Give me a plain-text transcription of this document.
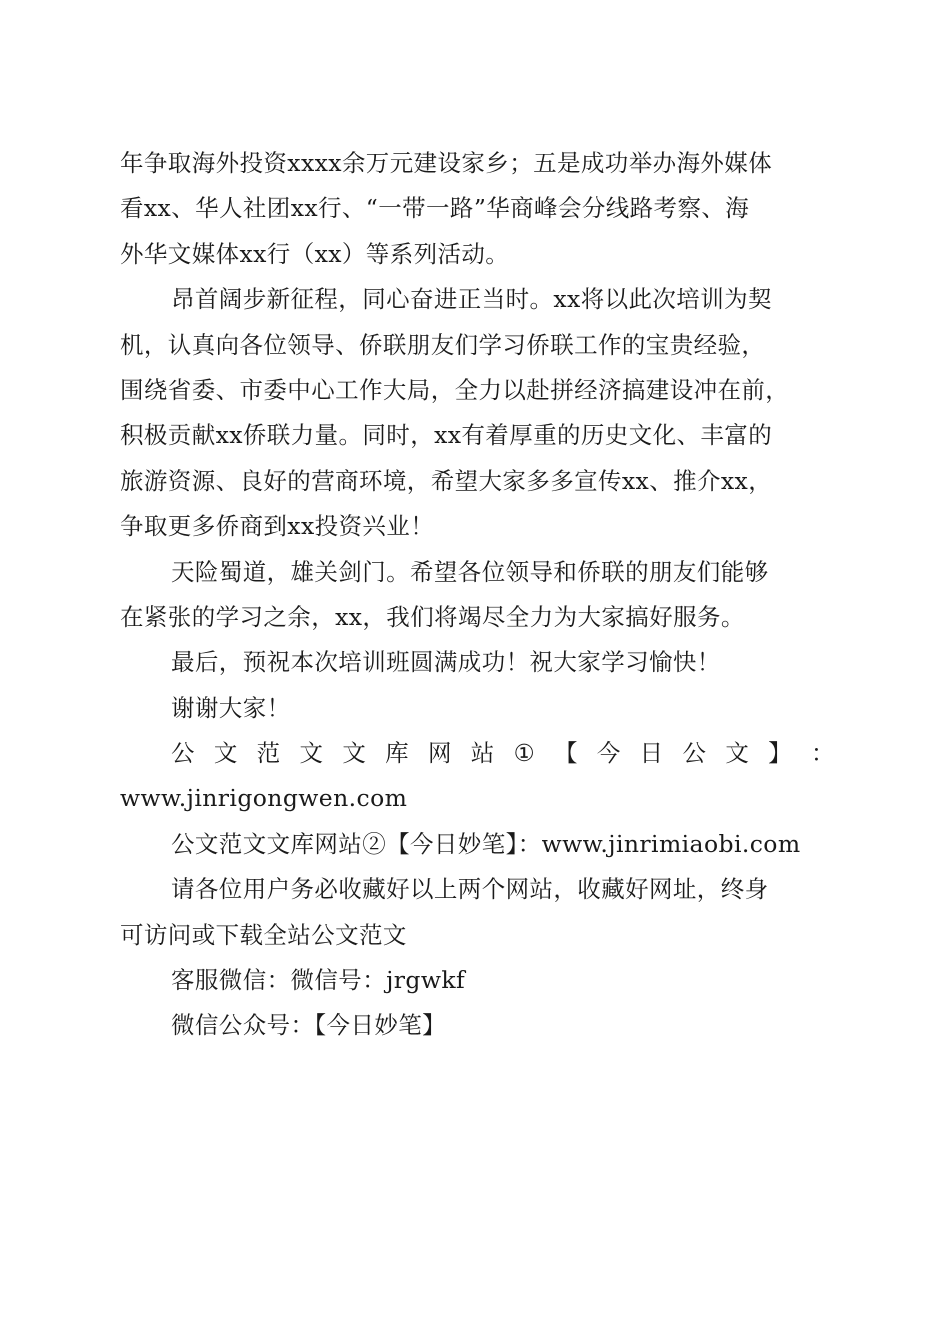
年争取海外投资xxxx余万元建设家乡；五是成功举办海外媒体
看xx、华人社团xx行、“一带一路”华商峰会分线路考察、海
外华文媒体xx行（xx）等系列活动。
昂首阔步新征程，同心奋进正当时。xx将以此次培训为契
机，认真向各位领导、侨联朋友们学习侨联工作的宝贵经验，
围绕省委、市委中心工作大局，全力以赴拼经济搞建设冲在前，
积极贡献xx侨联力量。同时，xx有着厚重的历史文化、丰富的
旅游资源、良好的营商环境，希望大家多多宣传xx、推介xx，
争取更多侨商到xx投资兴业！
天险蜀道，雄关剑门。希望各位领导和侨联的朋友们能够
在紧张的学习之余，xx，我们将竭尽全力为大家搞好服务。
最后，预祝本次培训班圆满成功！祝大家学习愉快！
谢谢大家！
公 文 范 文 文 库 网 站 ① 【 今 日 公 文 】 ：
www.jinrigongwen.com
公文范文文库网站②【今日妙笔】：www.jinrimiaobi.com
请各位用户务必收藏好以上两个网站，收藏好网址，终身
可访问或下载全站公文范文
客服微信：微信号：jrgwkf
微信公众号：【今日妙笔】
